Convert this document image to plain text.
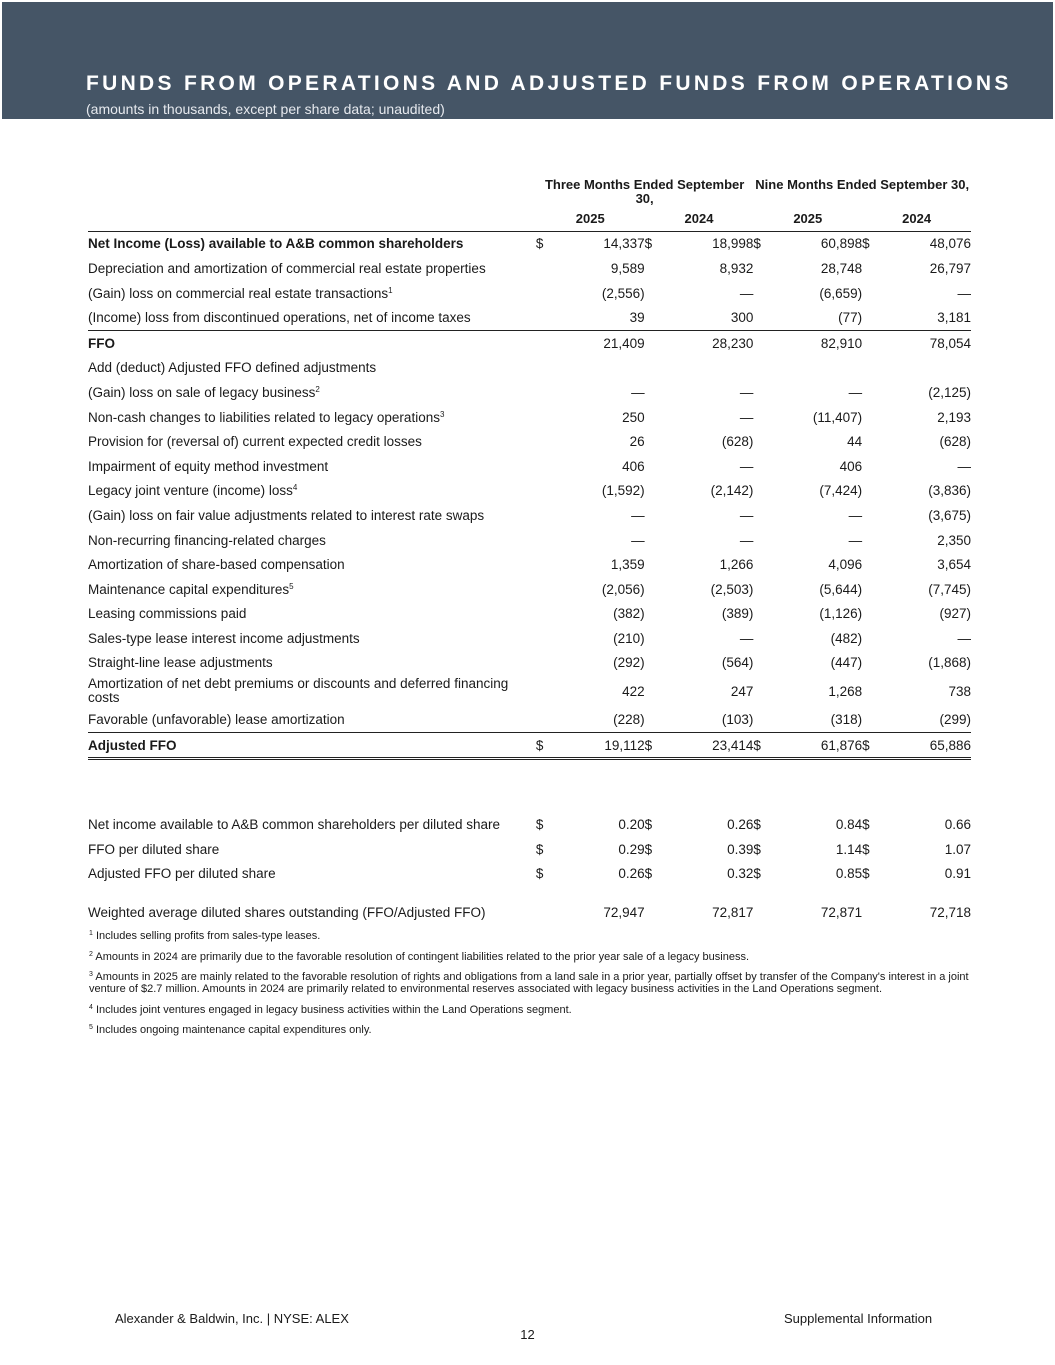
FUNDS FROM OPERATIONS AND ADJUSTED FUNDS FROM OPERATIONS
(amounts in thousands, except per share data; unaudited)
	Three Months Ended September 30,				Nine Months Ended September 30,			
	2025		2024		2025		2024	
Net Income (Loss) available to A&B common shareholders	$	14,337	$	18,998	$	60,898	$	48,076
Depreciation and amortization of commercial real estate properties		9,589		8,932		28,748		26,797
(Gain) loss on commercial real estate transactions$^1$		(2,556)		—		(6,659)		—
(Income) loss from discontinued operations, net of income taxes		39		300		(77)		3,181
FFO		21,409		28,230		82,910		78,054
Add (deduct) Adjusted FFO defined adjustments								
(Gain) loss on sale of legacy business$^2$		—		—		—		(2,125)
Non-cash changes to liabilities related to legacy operations$^3$		250		—		(11,407)		2,193
Provision for (reversal of) current expected credit losses		26		(628)		44		(628)
Impairment of equity method investment		406		—		406		—
Legacy joint venture (income) loss$^4$		(1,592)		(2,142)		(7,424)		(3,836)
(Gain) loss on fair value adjustments related to interest rate swaps		—		—		—		(3,675)
Non-recurring financing-related charges		—		—		—		2,350
Amortization of share-based compensation		1,359		1,266		4,096		3,654
Maintenance capital expenditures$^5$		(2,056)		(2,503)		(5,644)		(7,745)
Leasing commissions paid		(382)		(389)		(1,126)		(927)
Sales-type lease interest income adjustments		(210)		—		(482)		—
Straight-line lease adjustments		(292)		(564)		(447)		(1,868)
Amortization of net debt premiums or discounts and deferred financing costs		422		247		1,268		738
Favorable (unfavorable) lease amortization		(228)		(103)		(318)		(299)
Adjusted FFO	$	19,112	$	23,414	$	61,876	$	65,886

Net income available to A&B common shareholders per diluted share	$	0.20	$	0.26	$	0.84	$	0.66
FFO per diluted share	$	0.29	$	0.39	$	1.14	$	1.07
Adjusted FFO per diluted share	$	0.26	$	0.32	$	0.85	$	0.91

Weighted average diluted shares outstanding (FFO/Adjusted FFO)		72,947		72,817		72,871		72,718

$^1$ Includes selling profits from sales-type leases.

$^2$ Amounts in 2024 are primarily due to the favorable resolution of contingent liabilities related to the prior year sale of a legacy business.

$^3$ Amounts in 2025 are mainly related to the favorable resolution of rights and obligations from a land sale in a prior year, partially offset by transfer of the Company's interest in a joint venture of $2.7 million. Amounts in 2024 are primarily related to environmental reserves associated with legacy business activities in the Land Operations segment.

$^4$ Includes joint ventures engaged in legacy business activities within the Land Operations segment.

$^5$ Includes ongoing maintenance capital expenditures only.

Alexander & Baldwin, Inc. | NYSE: ALEX	Supplemental Information
12
